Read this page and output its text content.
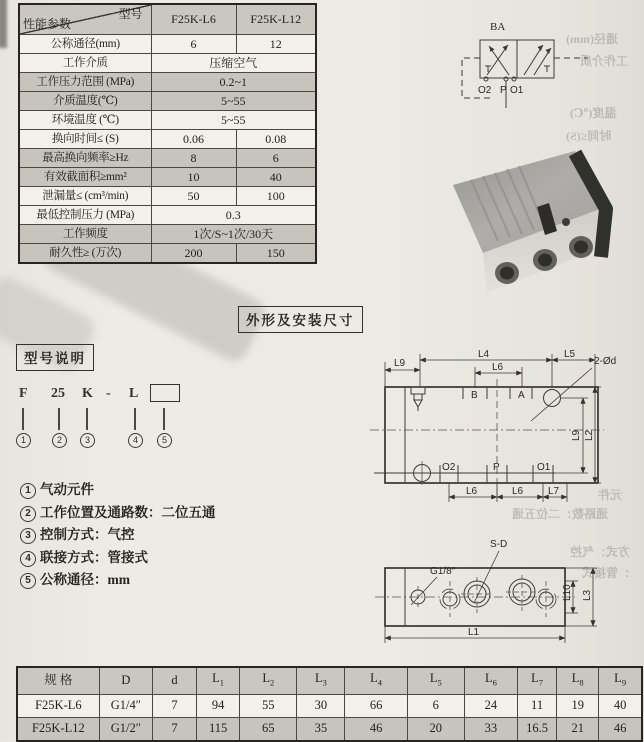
通径(mm)
工作介质
温度(℃)
时间≤(S)
元件
通路数：二位五通
方式：气控
：管接式
型号
性能参数	F25K-L6	F25K-L12
公称通径(mm)	6	12
工作介质	压缩空气	
工作压力范围 (MPa)	0.2~1	
介质温度(℃)	5~55	
环境温度 (℃)	5~55	
换向时间≤ (S)	0.06	0.08
最高换向频率≥Hz	8	6
有效截面积≥mm²	10	40
泄漏量≤ (cm³/min)	50	100
最低控制压力 (MPa)	0.3	
工作频度	1次/S~1次/30天	
耐久性≥ (万次)	200	150
BA
O2 P O1
外形及安装尺寸
型号说明
F 25 K - L
1	2	3	4	5
1 气动元件
2 工作位置及通路数：二位五通
3 控制方式：气控
4 联接方式：管接式
5 公称通径：mm
B	A
O2	P	O1
L9
L4
L6
L5
2-Ød
L6	L6 L7
L9 L2
G1/8″
S-D
L10 L3
L1
规 格	D	d	$L_1$	$L_2$	$L_3$	$L_4$	$L_5$	$L_6$	$L_7$	$L_8$	$L_9$
F25K-L6	G1/4″	7	94	55	30	66	6	24	11	19	40
F25K-L12	G1/2″	7	115	65	35	46	20	33	16.5	21	46
